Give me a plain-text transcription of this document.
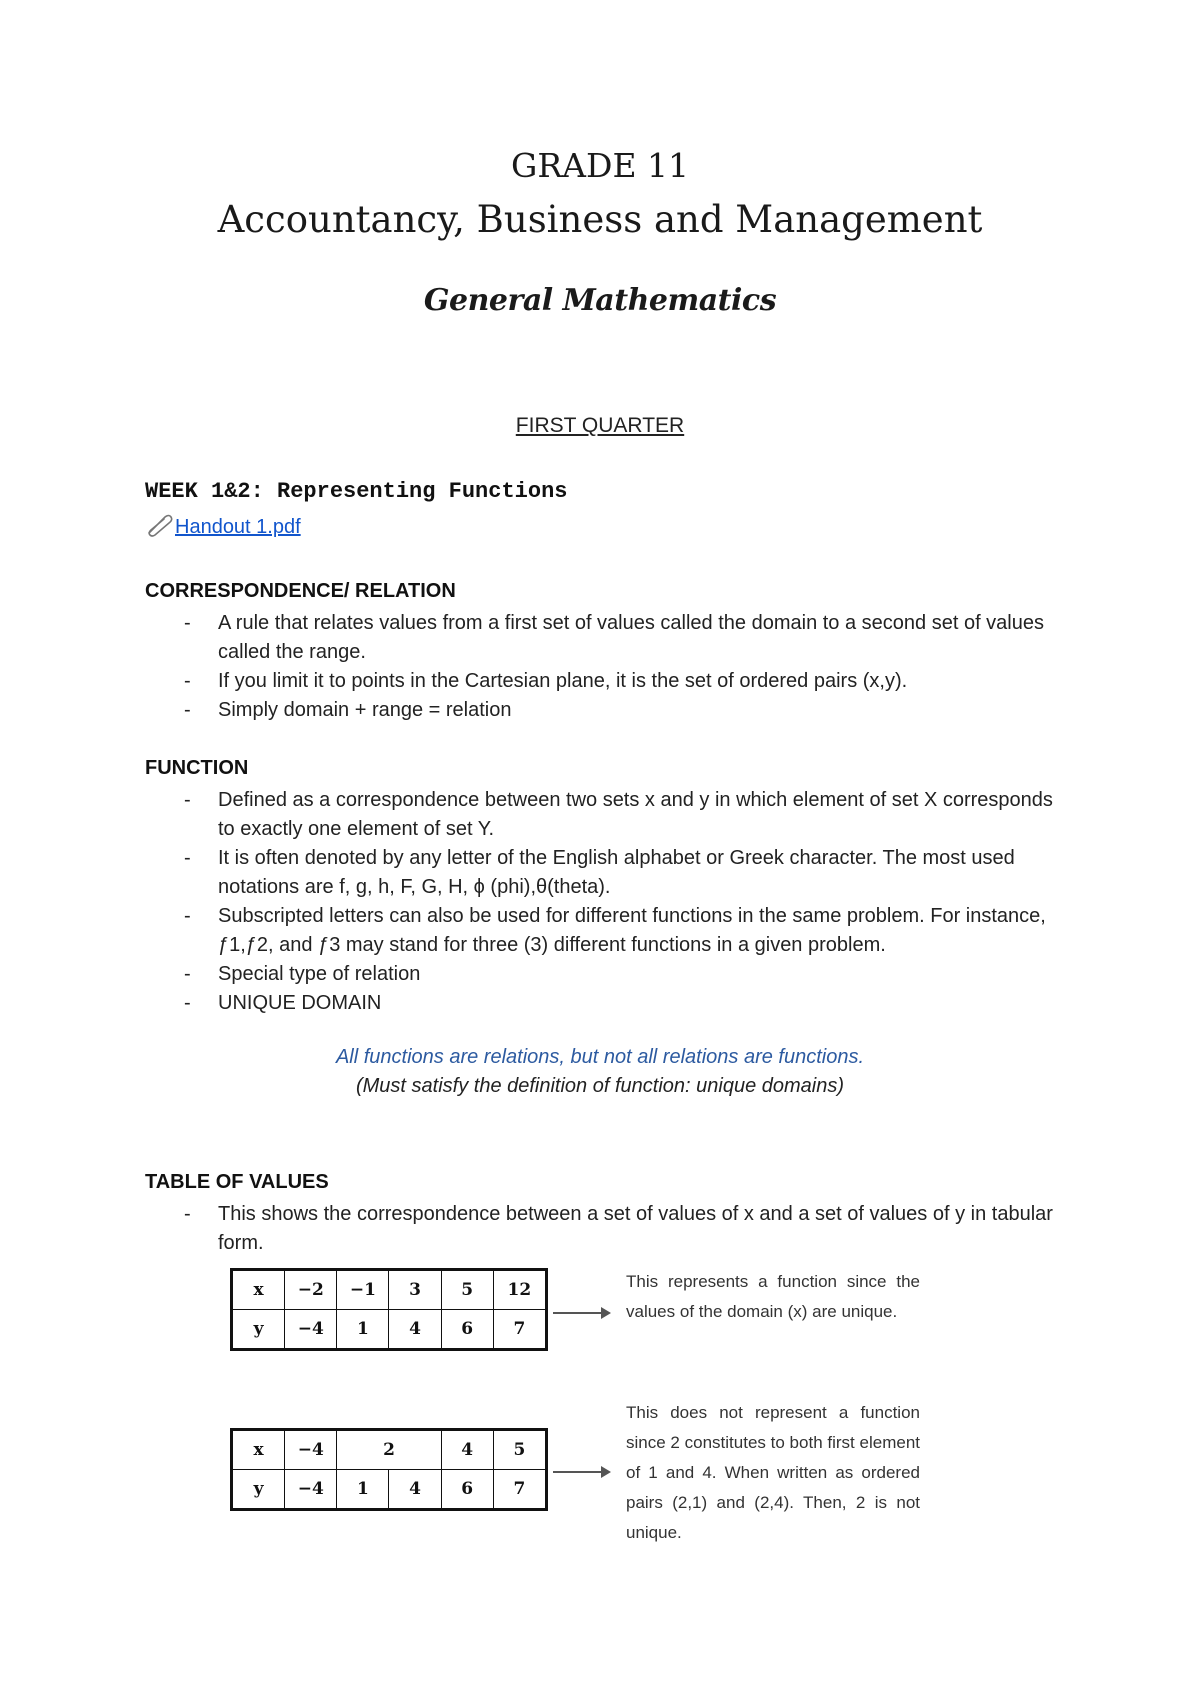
GRADE 11
Accountancy, Business and Management
General Mathematics
FIRST QUARTER
WEEK 1&2: Representing Functions
Handout 1.pdf
CORRESPONDENCE/ RELATION
- A rule that relates values from a first set of values called the domain to a second set of values called the range.
- If you limit it to points in the Cartesian plane, it is the set of ordered pairs (x,y).
- Simply domain + range = relation
FUNCTION
- Defined as a correspondence between two sets x and y in which element of set X corresponds to exactly one element of set Y.
- It is often denoted by any letter of the English alphabet or Greek character. The most used notations are f, g, h, F, G, H, ϕ (phi),θ(theta).
- Subscripted letters can also be used for different functions in the same problem. For instance, ƒ1,ƒ2, and ƒ3 may stand for three (3) different functions in a given problem.
- Special type of relation
- UNIQUE DOMAIN
All functions are relations, but not all relations are functions.
(Must satisfy the definition of function: unique domains)
TABLE OF VALUES
- This shows the correspondence between a set of values of x and a set of values of y in tabular form.
x	−2	−1	3	5	12
y	−4	1	4	6	7
This represents a function since the values of the domain (x) are unique.
x	−4	2		4	5
y	−4	1	4	6	7
This does not represent a function since 2 constitutes to both first element of 1 and 4. When written as ordered pairs (2,1) and (2,4). Then, 2 is not unique.
